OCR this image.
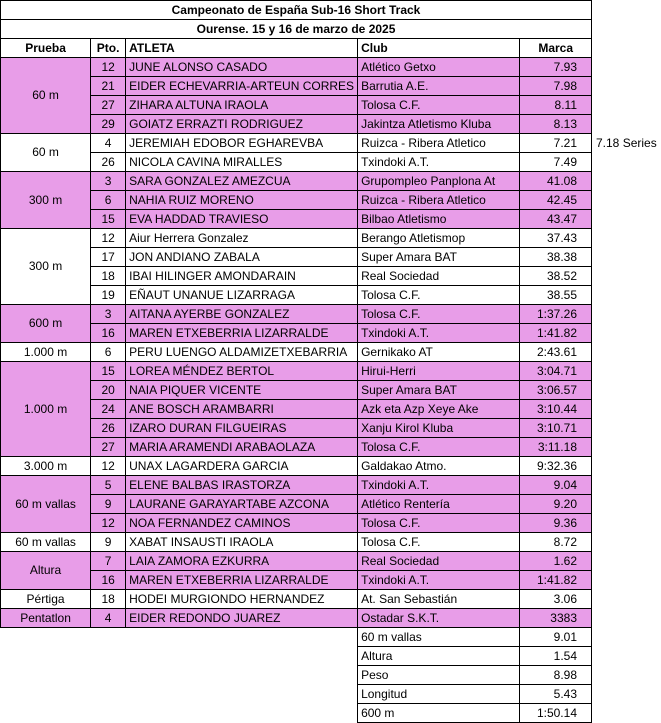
Campeonato de España Sub-16 Short Track					
Ourense. 15 y 16 de marzo de 2025					
Prueba	Pto.	ATLETA	Club	Marca	
60 m	12	JUNE ALONSO CASADO	Atlético Getxo	7.93	
	21	EIDER ECHEVARRIA-ARTEUN CORRES	Barrutia A.E.	7.98	
	27	ZIHARA ALTUNA IRAOLA	Tolosa C.F.	8.11	
	29	GOIATZ ERRAZTI RODRIGUEZ	Jakintza Atletismo Kluba	8.13	
60 m	4	JEREMIAH EDOBOR EGHAREVBA	Ruizca - Ribera Atletico	7.21	7.18 Series
	26	NICOLA CAVINA MIRALLES	Txindoki A.T.	7.49	
300 m	3	SARA GONZALEZ AMEZCUA	Grupompleo Panplona At	41.08	
	6	NAHIA RUIZ MORENO	Ruizca - Ribera Atletico	42.45	
	15	EVA HADDAD TRAVIESO	Bilbao Atletismo	43.47	
300 m	12	Aiur Herrera Gonzalez	Berango Atletismop	37.43	
	17	JON ANDIANO ZABALA	Super Amara BAT	38.38	
	18	IBAI HILINGER AMONDARAIN	Real Sociedad	38.52	
	19	EÑAUT UNANUE LIZARRAGA	Tolosa C.F.	38.55	
600 m	3	AITANA AYERBE GONZALEZ	Tolosa C.F.	1:37.26	
	16	MAREN ETXEBERRIA LIZARRALDE	Txindoki A.T.	1:41.82	
1.000 m	6	PERU LUENGO ALDAMIZETXEBARRIA	Gernikako AT	2:43.61	
1.000 m	15	LOREA MÉNDEZ BERTOL	Hirui-Herri	3:04.71	
	20	NAIA PIQUER VICENTE	Super Amara BAT	3:06.57	
	24	ANE BOSCH ARAMBARRI	Azk eta Azp Xeye Ake	3:10.44	
	26	IZARO DURAN FILGUEIRAS	Xanju Kirol Kluba	3:10.71	
	27	MARIA ARAMENDI ARABAOLAZA	Tolosa C.F.	3:11.18	
3.000 m	12	UNAX LAGARDERA GARCIA	Galdakao Atmo.	9:32.36	
60 m vallas	5	ELENE BALBAS IRASTORZA	Txindoki A.T.	9.04	
	9	LAURANE GARAYARTABE AZCONA	Atlético Rentería	9.20	
	12	NOA FERNANDEZ CAMINOS	Tolosa C.F.	9.36	
60 m vallas	9	XABAT INSAUSTI IRAOLA	Tolosa C.F.	8.72	
Altura	7	LAIA ZAMORA EZKURRA	Real Sociedad	1.62	
	16	MAREN ETXEBERRIA LIZARRALDE	Txindoki A.T.	1:41.82	
Pértiga	18	HODEI MURGIONDO HERNANDEZ	At. San Sebastián	3.06	
Pentatlon	4	EIDER REDONDO JUAREZ	Ostadar S.K.T.	3383	
			60 m vallas	9.01	
			Altura	1.54	
			Peso	8.98	
			Longitud	5.43	
			600 m	1:50.14	
